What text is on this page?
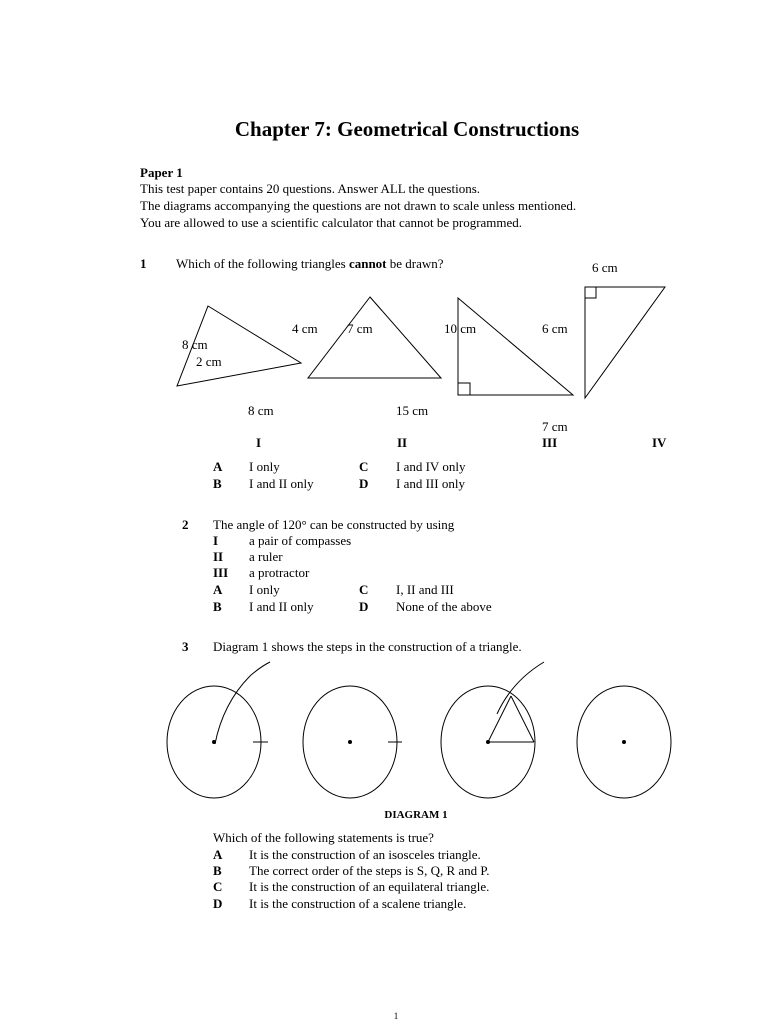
Chapter 7: Geometrical Constructions
Paper 1
This test paper contains 20 questions. Answer ALL the questions.
The diagrams accompanying the questions are not drawn to scale unless mentioned.
You are allowed to use a scientific calculator that cannot be programmed.
1 Which of the following triangles cannot be drawn?
8 cm
2 cm
4 cm
8 cm
7 cm	10 cm
15 cm
6 cm
7 cm
6 cm
I	II	III	IV
A I only
B I and II only
C I and IV only
D I and III only
2 The angle of 120° can be constructed by using
I a pair of compasses
II a ruler
III a protractor
A I only
B I and II only
C I, II and III
D None of the above
3 Diagram 1 shows the steps in the construction of a triangle.
DIAGRAM 1
Which of the following statements is true?
A It is the construction of an isosceles triangle.
B The correct order of the steps is S, Q, R and P.
C It is the construction of an equilateral triangle.
D It is the construction of a scalene triangle.
1
